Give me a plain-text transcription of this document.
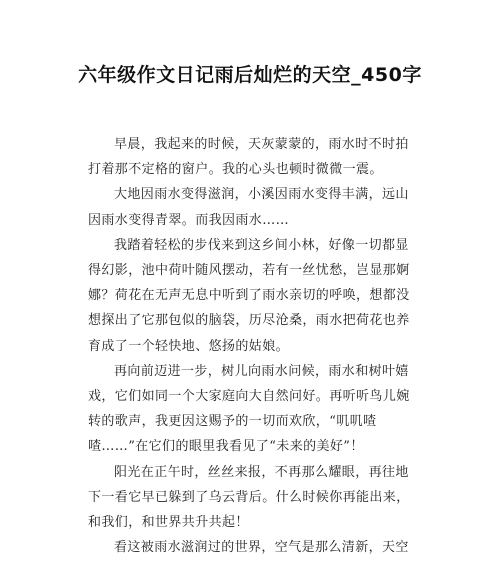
六年级作文日记雨后灿烂的天空_450字

早晨，我起来的时候，天灰蒙蒙的，雨水时不时拍
打着那不定格的窗户。我的心头也顿时微微一震。

大地因雨水变得滋润，小溪因雨水变得丰满，远山
因雨水变得青翠。而我因雨水……

我踏着轻松的步伐来到这乡间小林，好像一切都显
得幻影，池中荷叶随风摆动，若有一丝忧愁，岂显那婀
娜？荷花在无声无息中听到了雨水亲切的呼唤，想都没
想探出了它那包似的脑袋，历尽沧桑，雨水把荷花也养
育成了一个轻快地、悠扬的姑娘。

再向前迈进一步，树儿向雨水问候，雨水和树叶嬉
戏，它们如同一个大家庭向大自然问好。再听听鸟儿婉
转的歌声，我更因这赐予的一切而欢欣，“叽叽喳
喳……”在它们的眼里我看见了“未来的美好”！

阳光在正午时，丝丝来报，不再那么耀眼，再往地
下一看它早已躲到了乌云背后。什么时候你再能出来，
和我们，和世界共升共起！

看这被雨水滋润过的世界，空气是那么清新，天空
